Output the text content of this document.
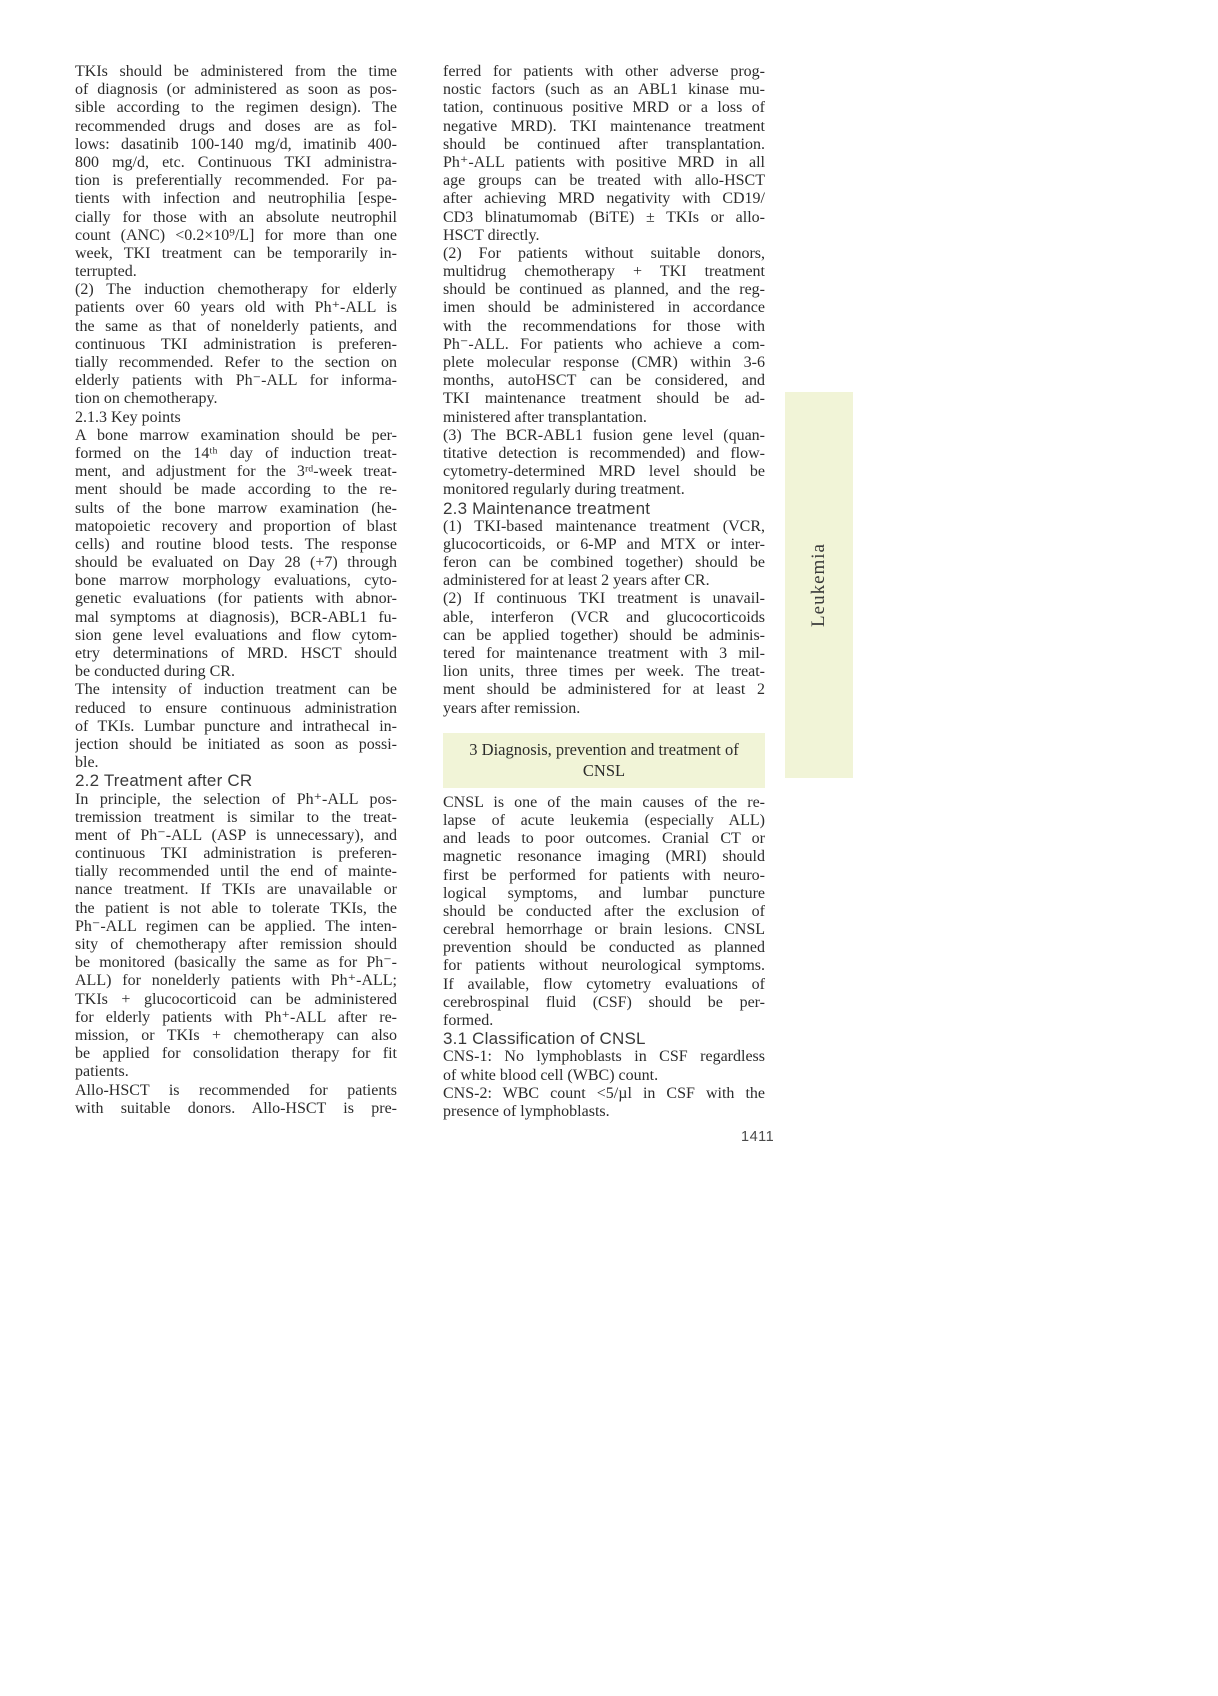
TKIs should be administered from the time
of diagnosis (or administered as soon as pos-
sible according to the regimen design). The
recommended drugs and doses are as fol-
lows: dasatinib 100-140 mg/d, imatinib 400-
800 mg/d, etc. Continuous TKI administra-
tion is preferentially recommended. For pa-
tients with infection and neutrophilia [espe-
cially for those with an absolute neutrophil
count (ANC) <0.2×10⁹/L] for more than one
week, TKI treatment can be temporarily in-
terrupted.
(2) The induction chemotherapy for elderly
patients over 60 years old with Ph⁺-ALL is
the same as that of nonelderly patients, and
continuous TKI administration is preferen-
tially recommended. Refer to the section on
elderly patients with Ph⁻-ALL for informa-
tion on chemotherapy.
2.1.3 Key points
A bone marrow examination should be per-
formed on the 14ᵗʰ day of induction treat-
ment, and adjustment for the 3ʳᵈ-week treat-
ment should be made according to the re-
sults of the bone marrow examination (he-
matopoietic recovery and proportion of blast
cells) and routine blood tests. The response
should be evaluated on Day 28 (+7) through
bone marrow morphology evaluations, cyto-
genetic evaluations (for patients with abnor-
mal symptoms at diagnosis), BCR-ABL1 fu-
sion gene level evaluations and flow cytom-
etry determinations of MRD. HSCT should
be conducted during CR.
The intensity of induction treatment can be
reduced to ensure continuous administration
of TKIs. Lumbar puncture and intrathecal in-
jection should be initiated as soon as possi-
ble.
2.2 Treatment after CR
In principle, the selection of Ph⁺-ALL pos-
tremission treatment is similar to the treat-
ment of Ph⁻-ALL (ASP is unnecessary), and
continuous TKI administration is preferen-
tially recommended until the end of mainte-
nance treatment. If TKIs are unavailable or
the patient is not able to tolerate TKIs, the
Ph⁻-ALL regimen can be applied. The inten-
sity of chemotherapy after remission should
be monitored (basically the same as for Ph⁻-
ALL) for nonelderly patients with Ph⁺-ALL;
TKIs + glucocorticoid can be administered
for elderly patients with Ph⁺-ALL after re-
mission, or TKIs + chemotherapy can also
be applied for consolidation therapy for fit
patients.
Allo-HSCT is recommended for patients
with suitable donors. Allo-HSCT is pre-
ferred for patients with other adverse prog-
nostic factors (such as an ABL1 kinase mu-
tation, continuous positive MRD or a loss of
negative MRD). TKI maintenance treatment
should be continued after transplantation.
Ph⁺-ALL patients with positive MRD in all
age groups can be treated with allo-HSCT
after achieving MRD negativity with CD19/
CD3 blinatumomab (BiTE) ± TKIs or allo-
HSCT directly.
(2) For patients without suitable donors,
multidrug chemotherapy + TKI treatment
should be continued as planned, and the reg-
imen should be administered in accordance
with the recommendations for those with
Ph⁻-ALL. For patients who achieve a com-
plete molecular response (CMR) within 3-6
months, autoHSCT can be considered, and
TKI maintenance treatment should be ad-
ministered after transplantation.
(3) The BCR-ABL1 fusion gene level (quan-
titative detection is recommended) and flow-
cytometry-determined MRD level should be
monitored regularly during treatment.
2.3 Maintenance treatment
(1) TKI-based maintenance treatment (VCR,
glucocorticoids, or 6-MP and MTX or inter-
feron can be combined together) should be
administered for at least 2 years after CR.
(2) If continuous TKI treatment is unavail-
able, interferon (VCR and glucocorticoids
can be applied together) should be adminis-
tered for maintenance treatment with 3 mil-
lion units, three times per week. The treat-
ment should be administered for at least 2
years after remission.
3 Diagnosis, prevention and treatment of
CNSL
CNSL is one of the main causes of the re-
lapse of acute leukemia (especially ALL)
and leads to poor outcomes. Cranial CT or
magnetic resonance imaging (MRI) should
first be performed for patients with neuro-
logical symptoms, and lumbar puncture
should be conducted after the exclusion of
cerebral hemorrhage or brain lesions. CNSL
prevention should be conducted as planned
for patients without neurological symptoms.
If available, flow cytometry evaluations of
cerebrospinal fluid (CSF) should be per-
formed.
3.1 Classification of CNSL
CNS-1: No lymphoblasts in CSF regardless
of white blood cell (WBC) count.
CNS-2: WBC count <5/µl in CSF with the
presence of lymphoblasts.
Leukemia
1411
